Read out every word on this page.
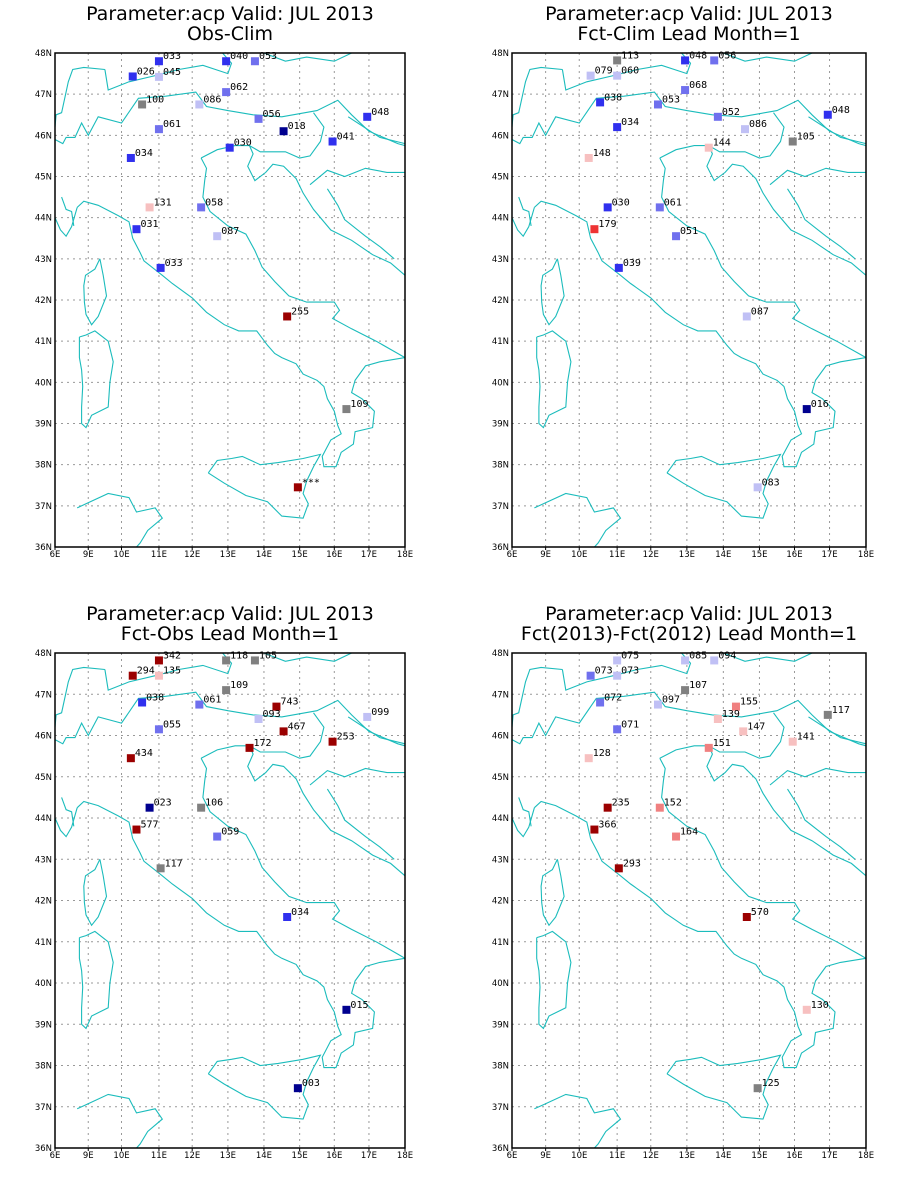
Parameter:acp Valid: JUL 2013
Obs-Clim
6E	9E 10E	11E 12E 13E 14E 15E 16E 17E 18E
36N
37N
38N
39N
40N
41N
42N
43N
44N
45N
46N
47N
48N
026 045
033	040 053
100	086
062
056
018
048
061
041
030
034
131	058
031
087
033
255
109
***
Parameter:acp Valid: JUL 2013
Fct-Clim Lead Month=1
6E	9E 10E	11E 12E 13E 14E 15E 16E 17E 18E
36N
37N
38N
39N
40N
41N
42N
43N
44N
45N
46N
47N
48N	113	048 056
079 060
068
038	053
052	048
034	086
105
144
148
030	061
179
051
039
087
016
083
Parameter:acp Valid: JUL 2013
Fct-Obs Lead Month=1
6E	9E 10E	11E 12E 13E 14E 15E 16E 17E 18E
36N
37N
38N
39N
40N
41N
42N
43N
44N
45N
46N
47N
48N	342	118 105
294 135
109
038	061	743
093	099
467
055
253
172
434
023	106
577
059
117
034
015
003
Parameter:acp Valid: JUL 2013
Fct(2013)-Fct(2012) Lead Month=1
6E	9E 10E	11E 12E 13E 14E 15E 16E 17E 18E
36N
37N
38N
39N
40N
41N
42N
43N
44N
45N
46N
47N
48N	075	085 094
073 073
107
072	097	155
139	117
147
071
141
151
128
235	152
366
164
293
570
130
125
